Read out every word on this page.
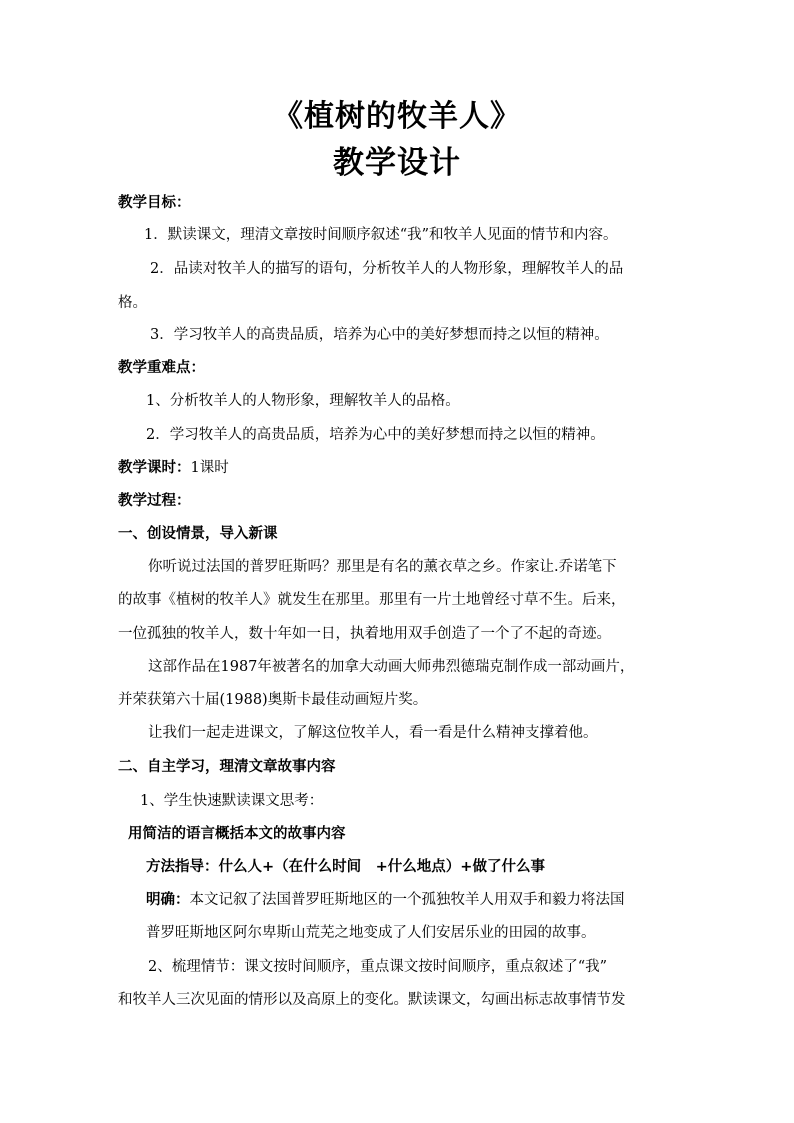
《植树的牧羊人》
教学设计
教学目标：
1．默读课文，理清文章按时间顺序叙述“我”和牧羊人见面的情节和内容。
2．品读对牧羊人的描写的语句，分析牧羊人的人物形象，理解牧羊人的品
格。
3．学习牧羊人的高贵品质，培养为心中的美好梦想而持之以恒的精神。
教学重难点：
1、分析牧羊人的人物形象，理解牧羊人的品格。
2．学习牧羊人的高贵品质，培养为心中的美好梦想而持之以恒的精神。
教学课时：1课时
教学过程：
一、创设情景，导入新课
你听说过法国的普罗旺斯吗？那里是有名的薰衣草之乡。作家让.乔诺笔下
的故事《植树的牧羊人》就发生在那里。那里有一片土地曾经寸草不生。后来，
一位孤独的牧羊人，数十年如一日，执着地用双手创造了一个了不起的奇迹。
这部作品在1987年被著名的加拿大动画大师弗烈德瑞克制作成一部动画片，
并荣获第六十届(1988)奥斯卡最佳动画短片奖。
让我们一起走进课文，了解这位牧羊人，看一看是什么精神支撑着他。
二、自主学习，理清文章故事内容
1、学生快速默读课文思考：
用简洁的语言概括本文的故事内容
方法指导：什么人+（在什么时间　+什么地点）+做了什么事
明确：本文记叙了法国普罗旺斯地区的一个孤独牧羊人用双手和毅力将法国
普罗旺斯地区阿尔卑斯山荒芜之地变成了人们安居乐业的田园的故事。
2、梳理情节：课文按时间顺序，重点课文按时间顺序，重点叙述了“我”
和牧羊人三次见面的情形以及高原上的变化。默读课文，勾画出标志故事情节发
